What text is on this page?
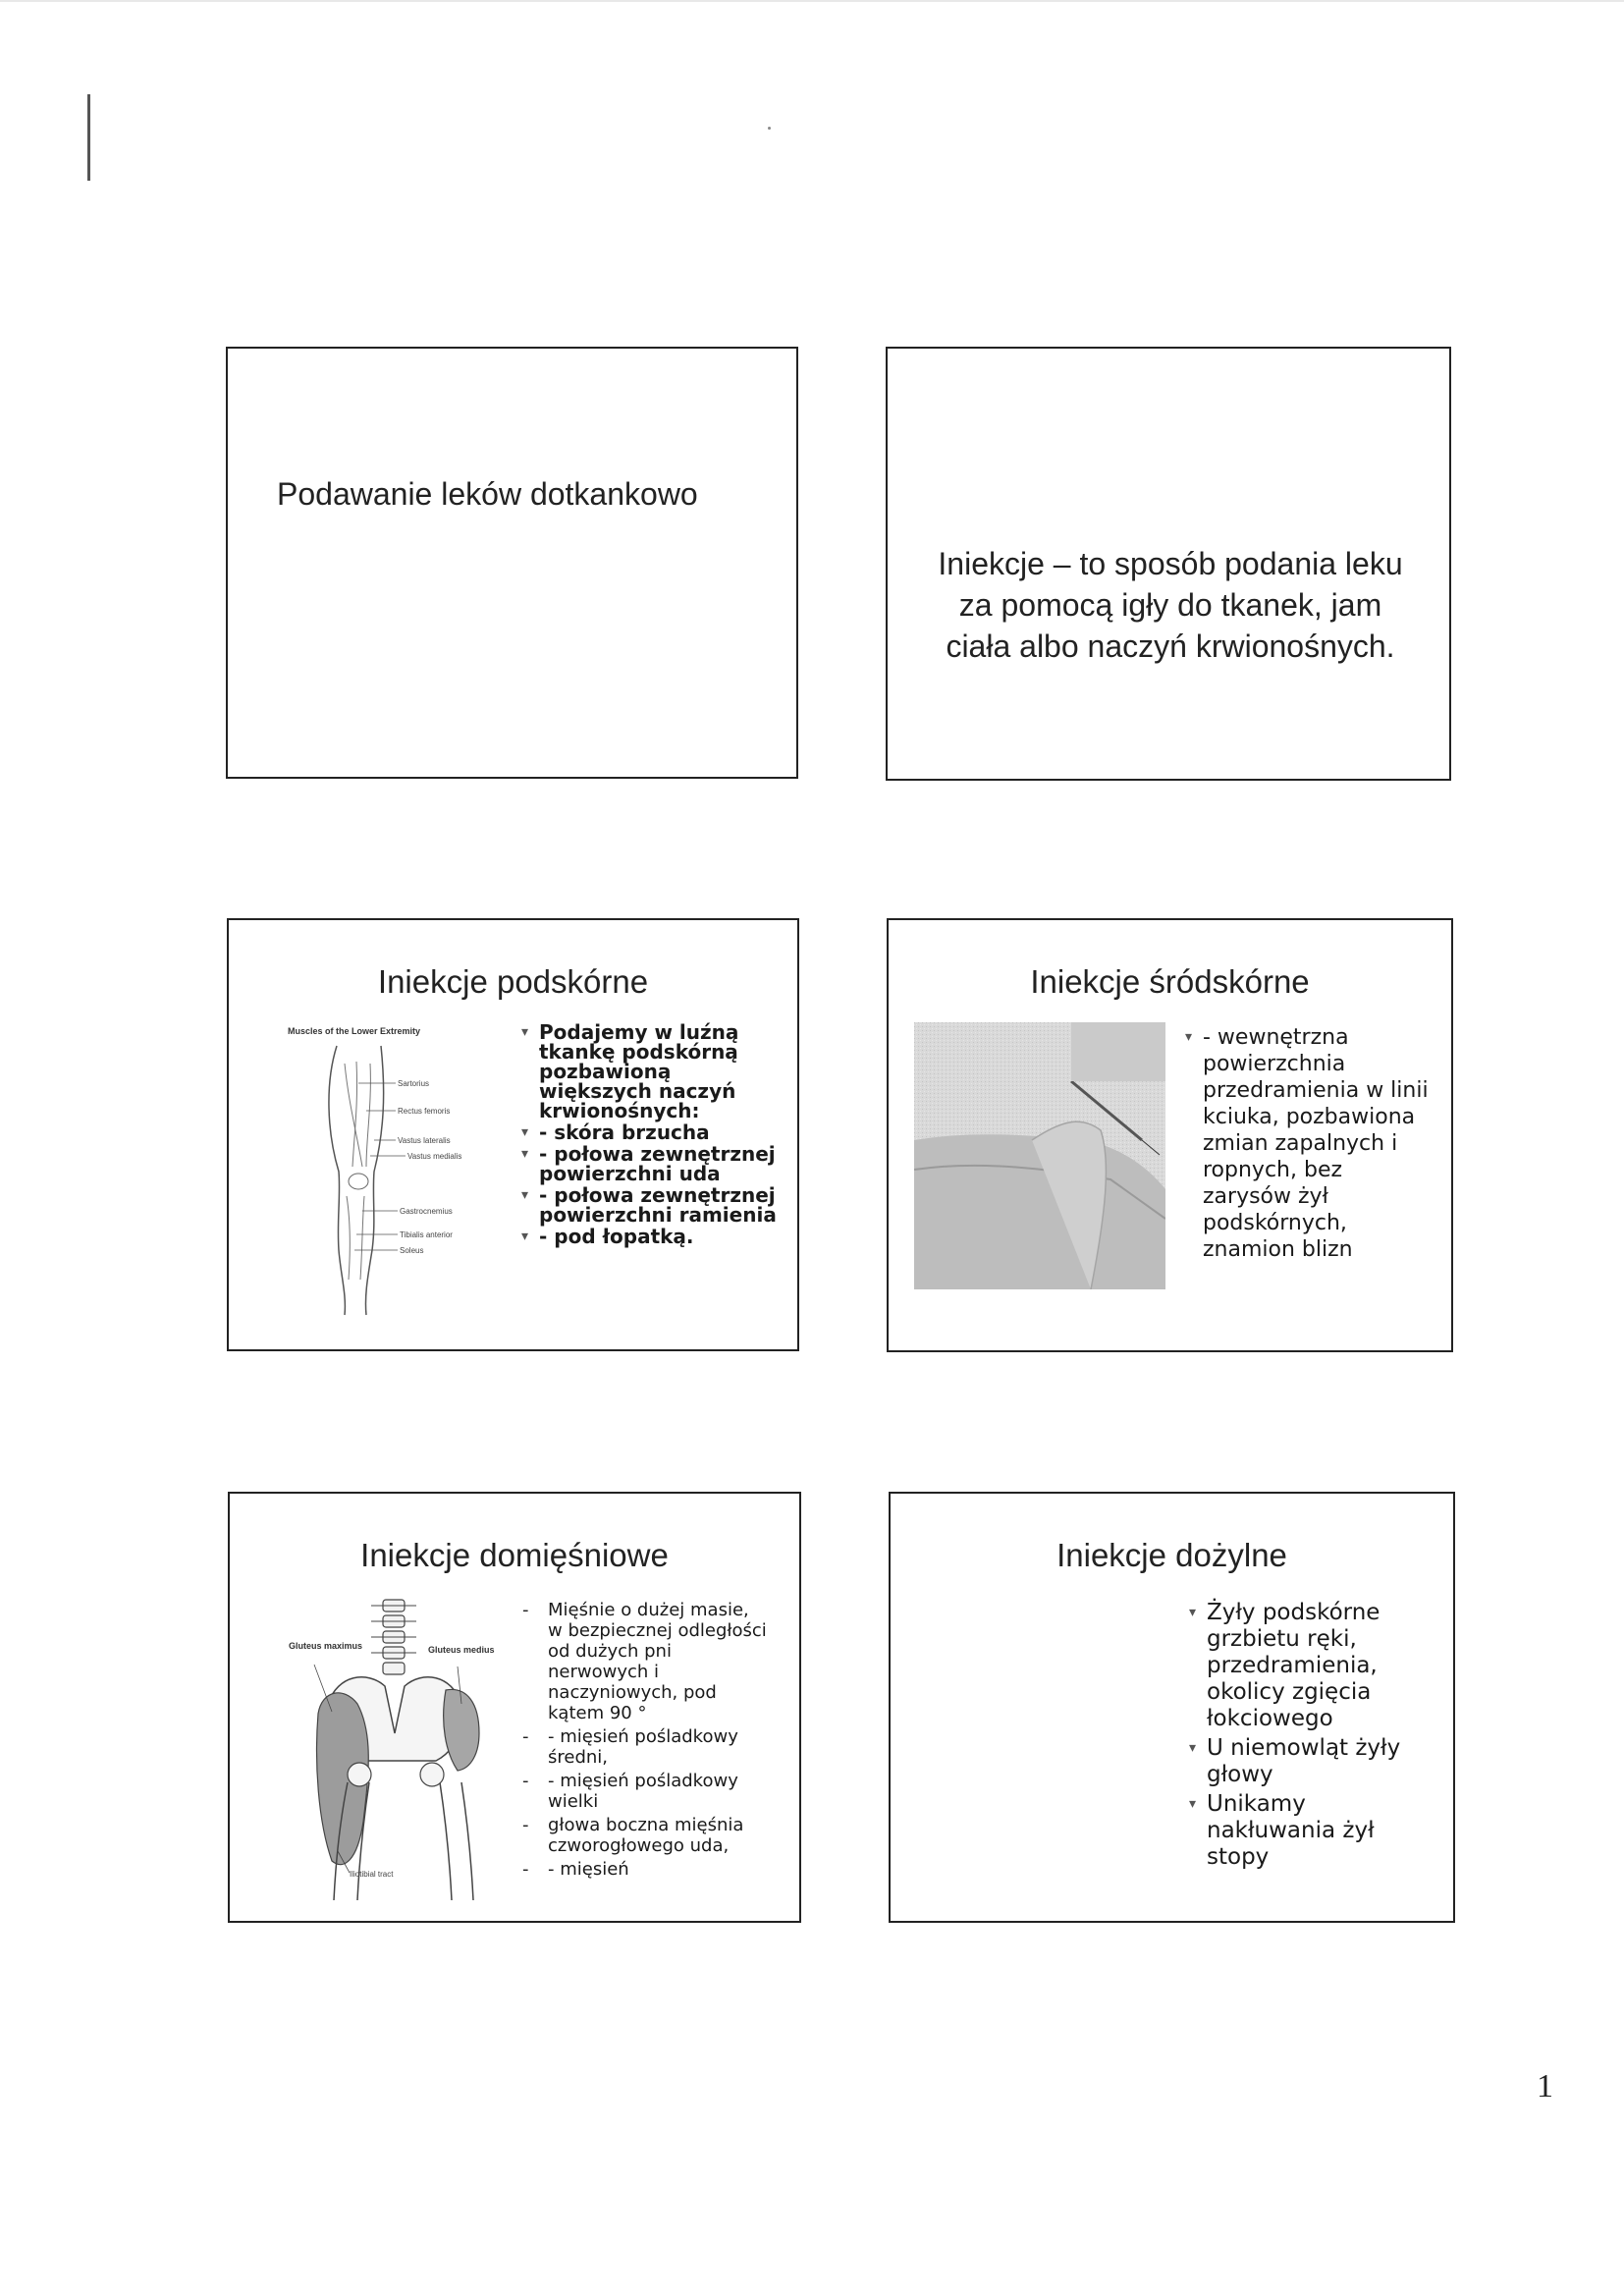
Podawanie leków dotkankowo

Iniekcje – to sposób podania leku za pomocą igły do tkanek, jam ciała albo naczyń krwionośnych.

Iniekcje podskórne
Muscles of the Lower Extremity
Sartorius
Rectus femoris
Vastus lateralis
Vastus medialis
Gastrocnemius
Tibialis anterior
Soleus
▾ Podajemy w luźną tkankę podskórną pozbawioną większych naczyń krwionośnych:
▾ - skóra brzucha
▾ - połowa zewnętrznej powierzchni uda
▾ - połowa zewnętrznej powierzchni ramienia
▾ - pod łopatką.
Iniekcje śródskórne
▾ - wewnętrzna powierzchnia przedramienia w linii kciuka, pozbawiona zmian zapalnych i ropnych, bez zarysów żył podskórnych, znamion blizn
Iniekcje domięśniowe
Gluteus maximus	Gluteus medius
Iliotibial tract
- Mięśnie o dużej masie, w bezpiecznej odległości od dużych pni nerwowych i naczyniowych, pod kątem 90 °
- - mięsień pośladkowy średni,
- - mięsień pośladkowy wielki
- głowa boczna mięśnia czworogłowego uda,
- - mięsień
Iniekcje dożylne
▾ Żyły podskórne grzbietu ręki, przedramienia, okolicy zgięcia łokciowego
▾ U niemowląt żyły głowy
▾ Unikamy nakłuwania żył stopy
1
